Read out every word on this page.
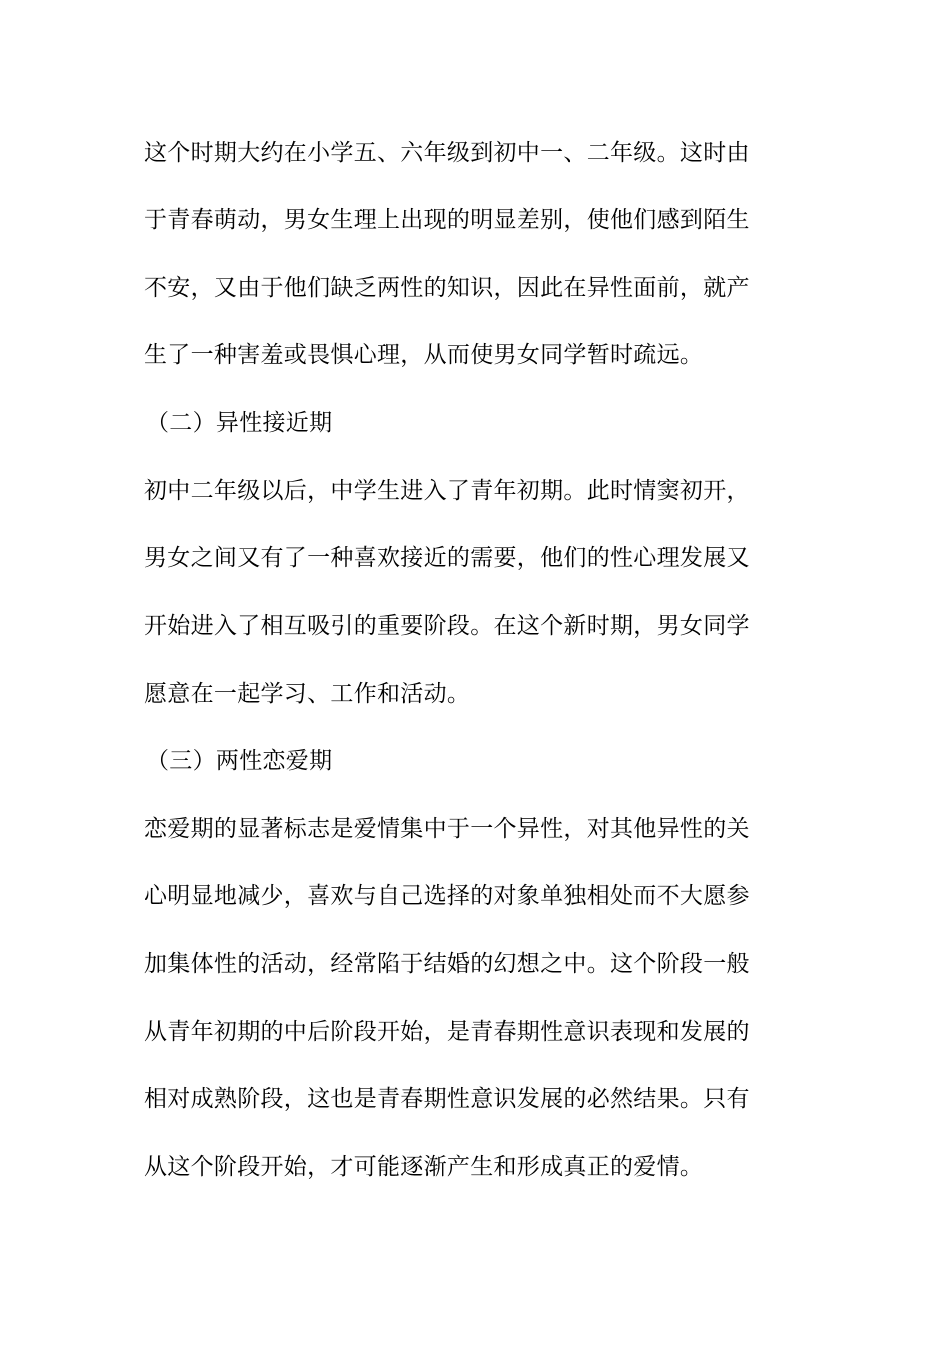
这个时期大约在小学五、六年级到初中一、二年级。这时由
于青春萌动，男女生理上出现的明显差别，使他们感到陌生
不安，又由于他们缺乏两性的知识，因此在异性面前，就产
生了一种害羞或畏惧心理，从而使男女同学暂时疏远。
（二）异性接近期
初中二年级以后，中学生进入了青年初期。此时情窦初开，
男女之间又有了一种喜欢接近的需要，他们的性心理发展又
开始进入了相互吸引的重要阶段。在这个新时期，男女同学
愿意在一起学习、工作和活动。
（三）两性恋爱期
恋爱期的显著标志是爱情集中于一个异性，对其他异性的关
心明显地减少，喜欢与自己选择的对象单独相处而不大愿参
加集体性的活动，经常陷于结婚的幻想之中。这个阶段一般
从青年初期的中后阶段开始，是青春期性意识表现和发展的
相对成熟阶段，这也是青春期性意识发展的必然结果。只有
从这个阶段开始，才可能逐渐产生和形成真正的爱情。
